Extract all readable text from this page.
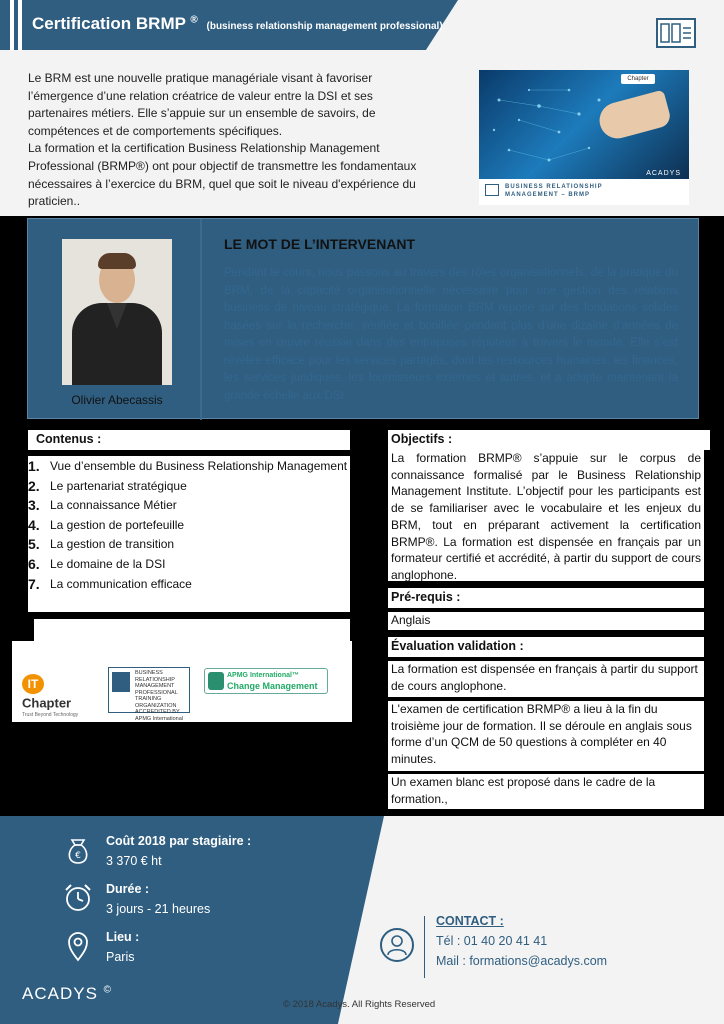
Certification BRMP ® (business relationship management professional)

Le BRM est une nouvelle pratique managériale visant à favoriser l’émergence d’une relation créatrice de valeur entre la DSI et ses partenaires métiers. Elle s’appuie sur un ensemble de savoirs, de compétences et de comportements spécifiques.

La formation et la certification Business Relationship Management Professional (BRMP®) ont pour objectif de transmettre les fondamentaux nécessaires à l’exercice du BRM, quel que soit le niveau d'expérience du praticien..

Chapter
ACADYS
BUSINESS RELATIONSHIP
MANAGEMENT – BRMP
Olivier Abecassis
LE MOT DE L’INTERVENANT
Pendant le cours, nous passons au travers des rôles organisationnels, de la pratique du BRM, de la capacité organisationnelle nécessaire pour une gestion des relations business de niveau stratégique. La formation BRM repose sur des fondations solides basées sur la recherche, vérifiée et bonifiée pendant plus d’une dizaine d’années de mises en œuvre réussie dans des entreprises réputées à travers le monde. Elle s’est révélée efficace pour les services partagés, dont les ressources humaines, les finances, les services juridiques, les fournisseurs externes et autres, et a adopte maintenant la grande échelle aux DSI.
Contenus :
1. Vue d’ensemble du Business Relationship Management
2. Le partenariat stratégique
3. La connaissance Métier
4. La gestion de portefeuille
5. La gestion de transition
6. Le domaine de la DSI
7. La communication efficace
IT Chapter
Trust Beyond Technology
BUSINESS
RELATIONSHIP
MANAGEMENT
PROFESSIONAL
TRAINING ORGANIZATION
ACCREDITED BY APMG International
APMG International™
Change Management
Objectifs :
La formation BRMP® s’appuie sur le corpus de connaissance formalisé par le Business Relationship Management Institute. L’objectif pour les participants est de se familiariser avec le vocabulaire et les enjeux du BRM, tout en préparant activement la certification BRMP®. La formation est dispensée en français par un formateur certifié et accrédité, à partir du support de cours anglophone.
Pré-requis :
Anglais
Évaluation validation :
La formation est dispensée en français à partir du support de cours anglophone.
L'examen de certification BRMP® a lieu à la fin du troisième jour de formation. Il se déroule en anglais sous forme d’un QCM de 50 questions à compléter en 40 minutes.
Un examen blanc est proposé dans le cadre de la formation.,
€
Coût 2018 par stagiaire :
3 370 € ht
Durée :
3 jours - 21 heures
Lieu :
Paris
ACADYS ©
© 2018 Acadys. All Rights Reserved
CONTACT :
Tél : 01 40 20 41 41
Mail : formations@acadys.com
